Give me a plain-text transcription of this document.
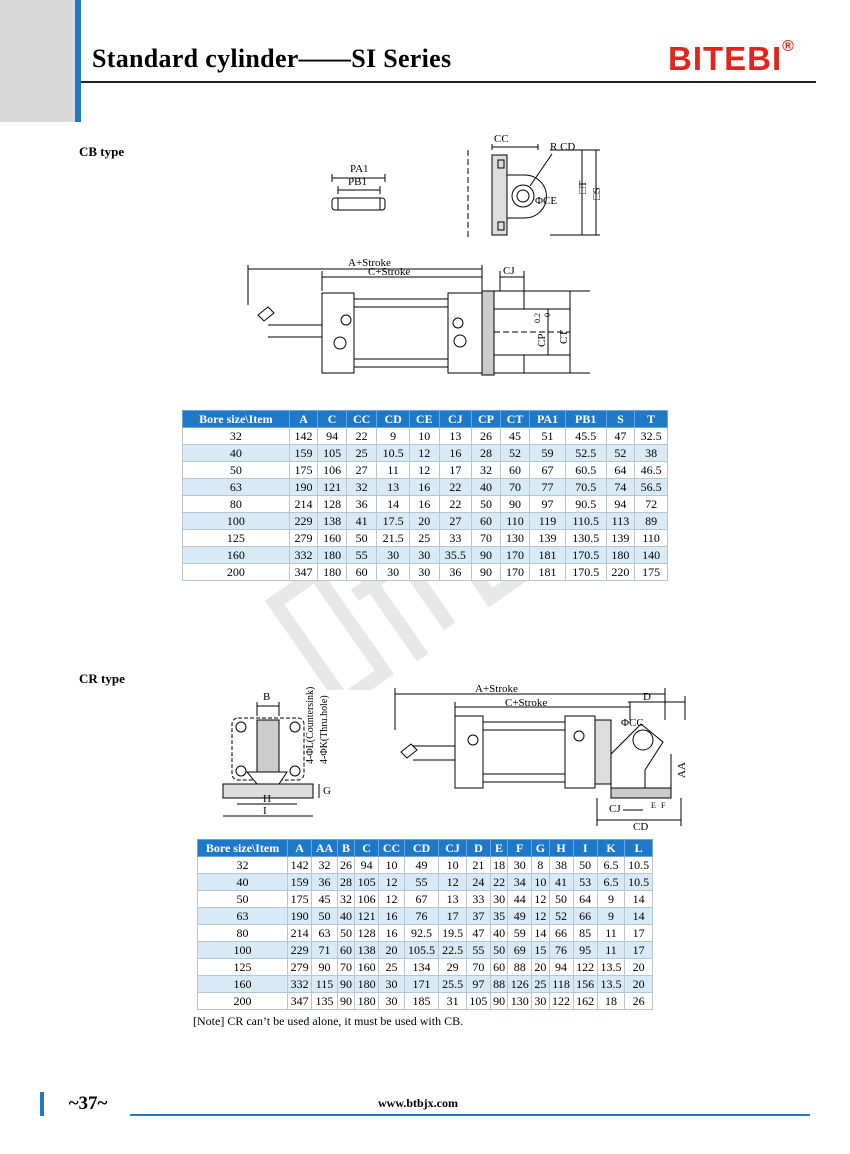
Standard cylinder——SI Series	BITEBI®
CB type
PA1
PB1
CC
R CD
ΦCE
□T □S
A+Stroke
C+Stroke	CJ
CP CT
0.2 0
Bore size\Item	A	C	CC	CD	CE	CJ	CP	CT	PA1	PB1	S	T
32	142	94	22	9	10	13	26	45	51	45.5	47	32.5
40	159	105	25	10.5	12	16	28	52	59	52.5	52	38
50	175	106	27	11	12	17	32	60	67	60.5	64	46.5
63	190	121	32	13	16	22	40	70	77	70.5	74	56.5
80	214	128	36	14	16	22	50	90	97	90.5	94	72
100	229	138	41	17.5	20	27	60	110	119	110.5	113	89
125	279	160	50	21.5	25	33	70	130	139	130.5	139	110
160	332	180	55	30	30	35.5	90	170	181	170.5	180	140
200	347	180	60	30	30	36	90	170	181	170.5	220	175
CR type
B	4-ΦL(Countersink) 4-ΦK(Thru.hole)
H
I
G
A+Stroke
C+Stroke	D
ΦCC
AA
E F
CJ
CD
Bore size\Item	A	AA	B	C	CC	CD	CJ	D	E	F	G	H	I	K	L
32	142	32	26	94	10	49	10	21	18	30	8	38	50	6.5	10.5
40	159	36	28	105	12	55	12	24	22	34	10	41	53	6.5	10.5
50	175	45	32	106	12	67	13	33	30	44	12	50	64	9	14
63	190	50	40	121	16	76	17	37	35	49	12	52	66	9	14
80	214	63	50	128	16	92.5	19.5	47	40	59	14	66	85	11	17
100	229	71	60	138	20	105.5	22.5	55	50	69	15	76	95	11	17
125	279	90	70	160	25	134	29	70	60	88	20	94	122	13.5	20
160	332	115	90	180	30	171	25.5	97	88	126	25	118	156	13.5	20
200	347	135	90	180	30	185	31	105	90	130	30	122	162	18	26
[Note] CR can’t be used alone, it must be used with CB.
~37~	www.btbjx.com
